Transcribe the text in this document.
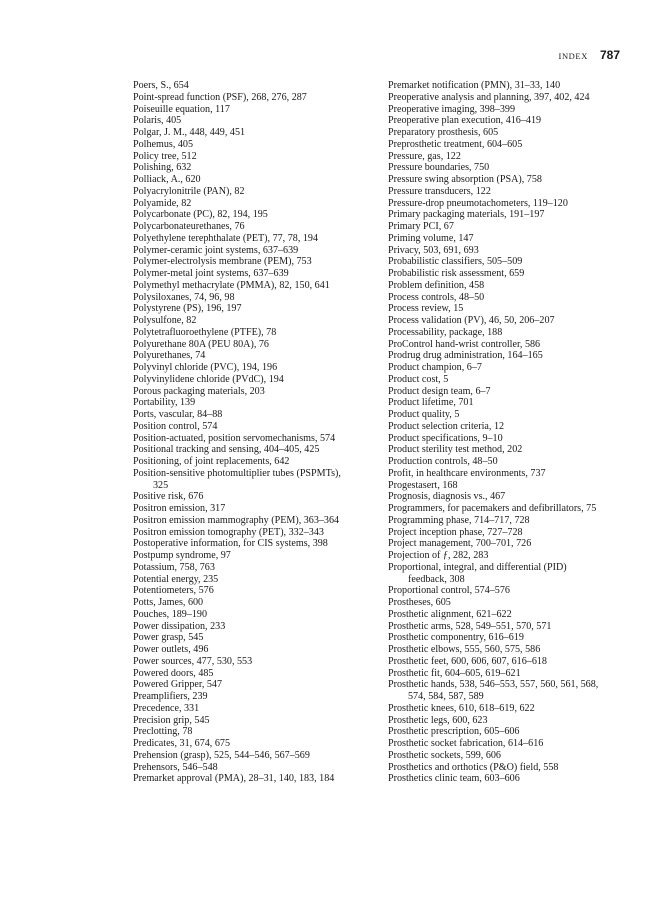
INDEX 787
Poers, S., 654
Point-spread function (PSF), 268, 276, 287
Poiseuille equation, 117
Polaris, 405
Polgar, J. M., 448, 449, 451
Polhemus, 405
Policy tree, 512
Polishing, 632
Polliack, A., 620
Polyacrylonitrile (PAN), 82
Polyamide, 82
Polycarbonate (PC), 82, 194, 195
Polycarbonateurethanes, 76
Polyethylene terephthalate (PET), 77, 78, 194
Polymer-ceramic joint systems, 637–639
Polymer-electrolysis membrane (PEM), 753
Polymer-metal joint systems, 637–639
Polymethyl methacrylate (PMMA), 82, 150, 641
Polysiloxanes, 74, 96, 98
Polystyrene (PS), 196, 197
Polysulfone, 82
Polytetrafluoroethylene (PTFE), 78
Polyurethane 80A (PEU 80A), 76
Polyurethanes, 74
Polyvinyl chloride (PVC), 194, 196
Polyvinylidene chloride (PVdC), 194
Porous packaging materials, 203
Portability, 139
Ports, vascular, 84–88
Position control, 574
Position-actuated, position servomechanisms, 574
Positional tracking and sensing, 404–405, 425
Positioning, of joint replacements, 642
Position-sensitive photomultiplier tubes (PSPMTs),
325
Positive risk, 676
Positron emission, 317
Positron emission mammography (PEM), 363–364
Positron emission tomography (PET), 332–343
Postoperative information, for CIS systems, 398
Postpump syndrome, 97
Potassium, 758, 763
Potential energy, 235
Potentiometers, 576
Potts, James, 600
Pouches, 189–190
Power dissipation, 233
Power grasp, 545
Power outlets, 496
Power sources, 477, 530, 553
Powered doors, 485
Powered Gripper, 547
Preamplifiers, 239
Precedence, 331
Precision grip, 545
Preclotting, 78
Predicates, 31, 674, 675
Prehension (grasp), 525, 544–546, 567–569
Prehensors, 546–548
Premarket approval (PMA), 28–31, 140, 183, 184
Premarket notification (PMN), 31–33, 140
Preoperative analysis and planning, 397, 402, 424
Preoperative imaging, 398–399
Preoperative plan execution, 416–419
Preparatory prosthesis, 605
Preprosthetic treatment, 604–605
Pressure, gas, 122
Pressure boundaries, 750
Pressure swing absorption (PSA), 758
Pressure transducers, 122
Pressure-drop pneumotachometers, 119–120
Primary packaging materials, 191–197
Primary PCI, 67
Priming volume, 147
Privacy, 503, 691, 693
Probabilistic classifiers, 505–509
Probabilistic risk assessment, 659
Problem definition, 458
Process controls, 48–50
Process review, 15
Process validation (PV), 46, 50, 206–207
Processability, package, 188
ProControl hand-wrist controller, 586
Prodrug drug administration, 164–165
Product champion, 6–7
Product cost, 5
Product design team, 6–7
Product lifetime, 701
Product quality, 5
Product selection criteria, 12
Product specifications, 9–10
Product sterility test method, 202
Production controls, 48–50
Profit, in healthcare environments, 737
Progestasert, 168
Prognosis, diagnosis vs., 467
Programmers, for pacemakers and defibrillators, 75
Programming phase, 714–717, 728
Project inception phase, 727–728
Project management, 700–701, 726
Projection of ƒ, 282, 283
Proportional, integral, and differential (PID)
feedback, 308
Proportional control, 574–576
Prostheses, 605
Prosthetic alignment, 621–622
Prosthetic arms, 528, 549–551, 570, 571
Prosthetic componentry, 616–619
Prosthetic elbows, 555, 560, 575, 586
Prosthetic feet, 600, 606, 607, 616–618
Prosthetic fit, 604–605, 619–621
Prosthetic hands, 538, 546–553, 557, 560, 561, 568,
574, 584, 587, 589
Prosthetic knees, 610, 618–619, 622
Prosthetic legs, 600, 623
Prosthetic prescription, 605–606
Prosthetic socket fabrication, 614–616
Prosthetic sockets, 599, 606
Prosthetics and orthotics (P&O) field, 558
Prosthetics clinic team, 603–606
